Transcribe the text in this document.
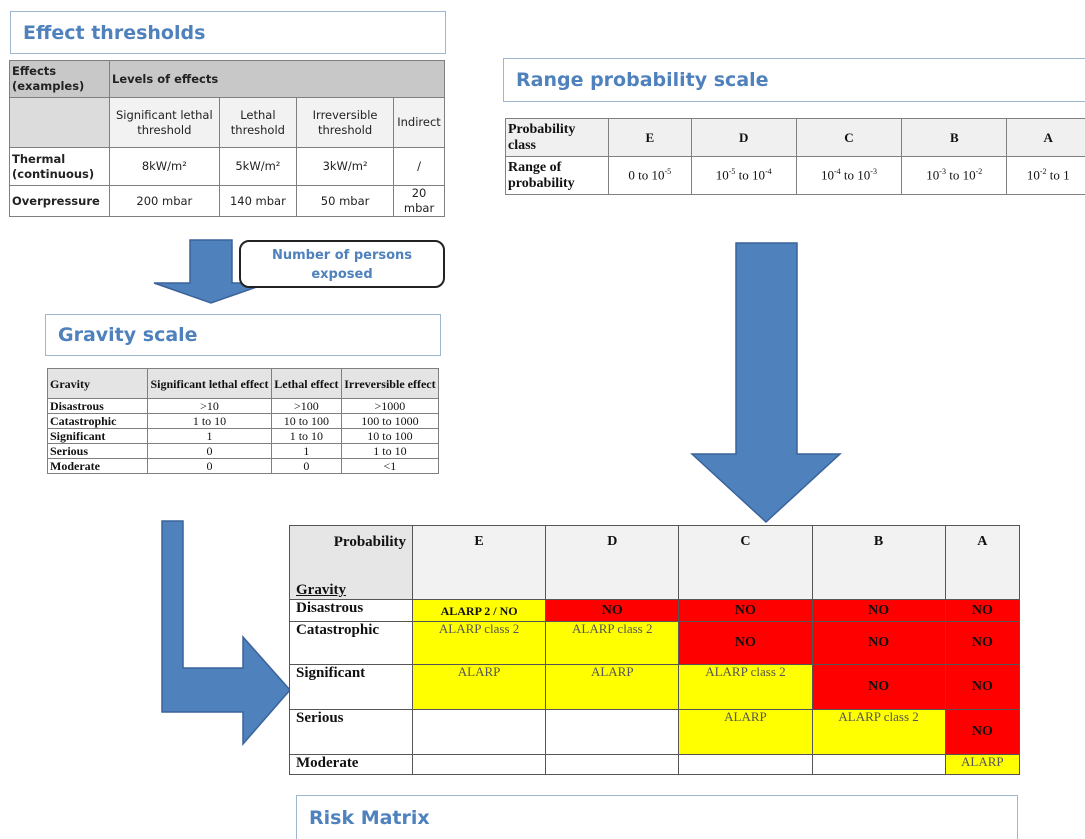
Effect thresholds
Effects (examples)	Levels of effects			
	Significant lethal threshold	Lethal threshold	Irreversible threshold	Indirect
Thermal (continuous)	8kW/m²	5kW/m²	3kW/m²	/
Overpressure	200 mbar	140 mbar	50 mbar	20 mbar
Number of persons
exposed
Range probability scale
Probability class	E	D	C	B	A
Range of probability	0 to $10^{-5}$	$10^{-5}$ to $10^{-4}$	$10^{-4}$ to $10^{-3}$	$10^{-3}$ to $10^{-2}$	$10^{-2}$ to 1
Gravity scale
Gravity	Significant lethal effect	Lethal effect	Irreversible effect
Disastrous	>10	>100	>1000
Catastrophic	1 to 10	10 to 100	100 to 1000
Significant	1	1 to 10	10 to 100
Serious	0	1	1 to 10
Moderate	0	0	<1
Probability
Gravity	E	D	C	B	A
Disastrous	ALARP 2 / NO	NO	NO	NO	NO
Catastrophic	ALARP class 2	ALARP class 2	NO	NO	NO
Significant	ALARP	ALARP	ALARP class 2	NO	NO
Serious			ALARP	ALARP class 2	NO
Moderate					ALARP
Risk Matrix
